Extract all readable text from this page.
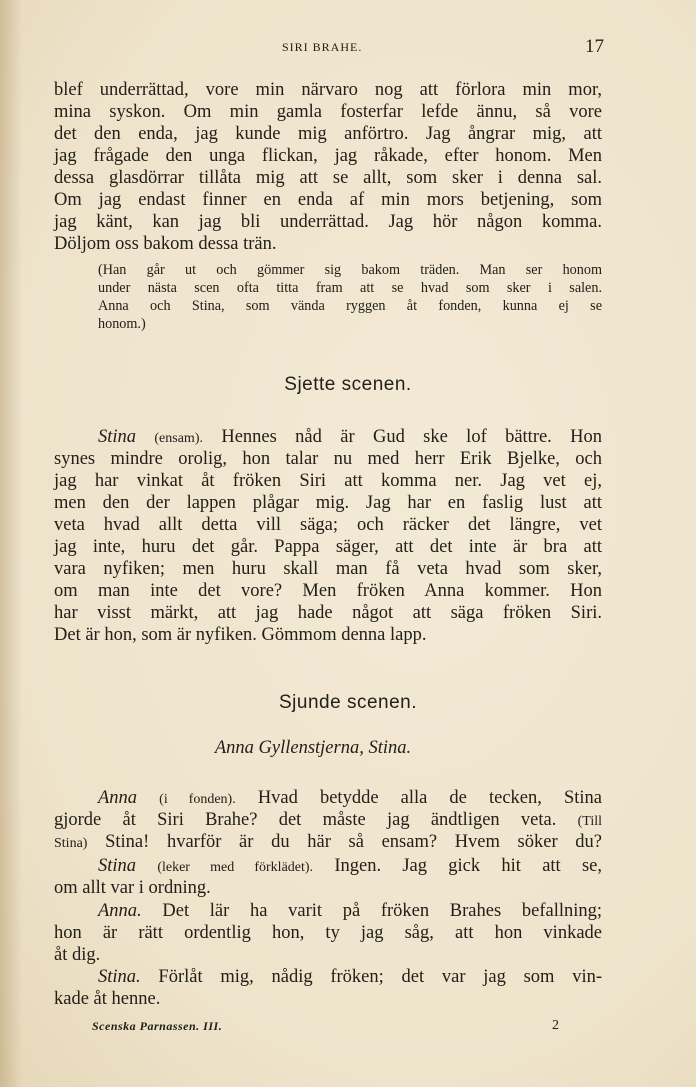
SIRI BRAHE.	17
blef underrättad, vore min närvaro nog att förlora min mor,
mina syskon. Om min gamla fosterfar lefde ännu, så vore
det den enda, jag kunde mig anförtro. Jag ångrar mig, att
jag frågade den unga flickan, jag råkade, efter honom. Men
dessa glasdörrar tillåta mig att se allt, som sker i denna sal.
Om jag endast finner en enda af min mors betjening, som
jag känt, kan jag bli underrättad. Jag hör någon komma.
Döljom oss bakom dessa trän.
(Han går ut och gömmer sig bakom träden. Man ser honom
under nästa scen ofta titta fram att se hvad som sker i salen.
Anna och Stina, som vända ryggen åt fonden, kunna ej se
honom.)
Sjette scenen.
Stina (ensam). Hennes nåd är Gud ske lof bättre. Hon
synes mindre orolig, hon talar nu med herr Erik Bjelke, och
jag har vinkat åt fröken Siri att komma ner. Jag vet ej,
men den der lappen plågar mig. Jag har en faslig lust att
veta hvad allt detta vill säga; och räcker det längre, vet
jag inte, huru det går. Pappa säger, att det inte är bra att
vara nyfiken; men huru skall man få veta hvad som sker,
om man inte det vore? Men fröken Anna kommer. Hon
har visst märkt, att jag hade något att säga fröken Siri.
Det är hon, som är nyfiken. Gömmom denna lapp.
Sjunde scenen.
Anna Gyllenstjerna, Stina.
Anna (i fonden). Hvad betydde alla de tecken, Stina
gjorde åt Siri Brahe? det måste jag ändtligen veta. (Till
Stina) Stina! hvarför är du här så ensam? Hvem söker du?
Stina (leker med förklädet). Ingen. Jag gick hit att se,
om allt var i ordning.
Anna. Det lär ha varit på fröken Brahes befallning;
hon är rätt ordentlig hon, ty jag såg, att hon vinkade
åt dig.
Stina. Förlåt mig, nådig fröken; det var jag som vin-
kade åt henne.
Scenska Parnassen. III.	2
